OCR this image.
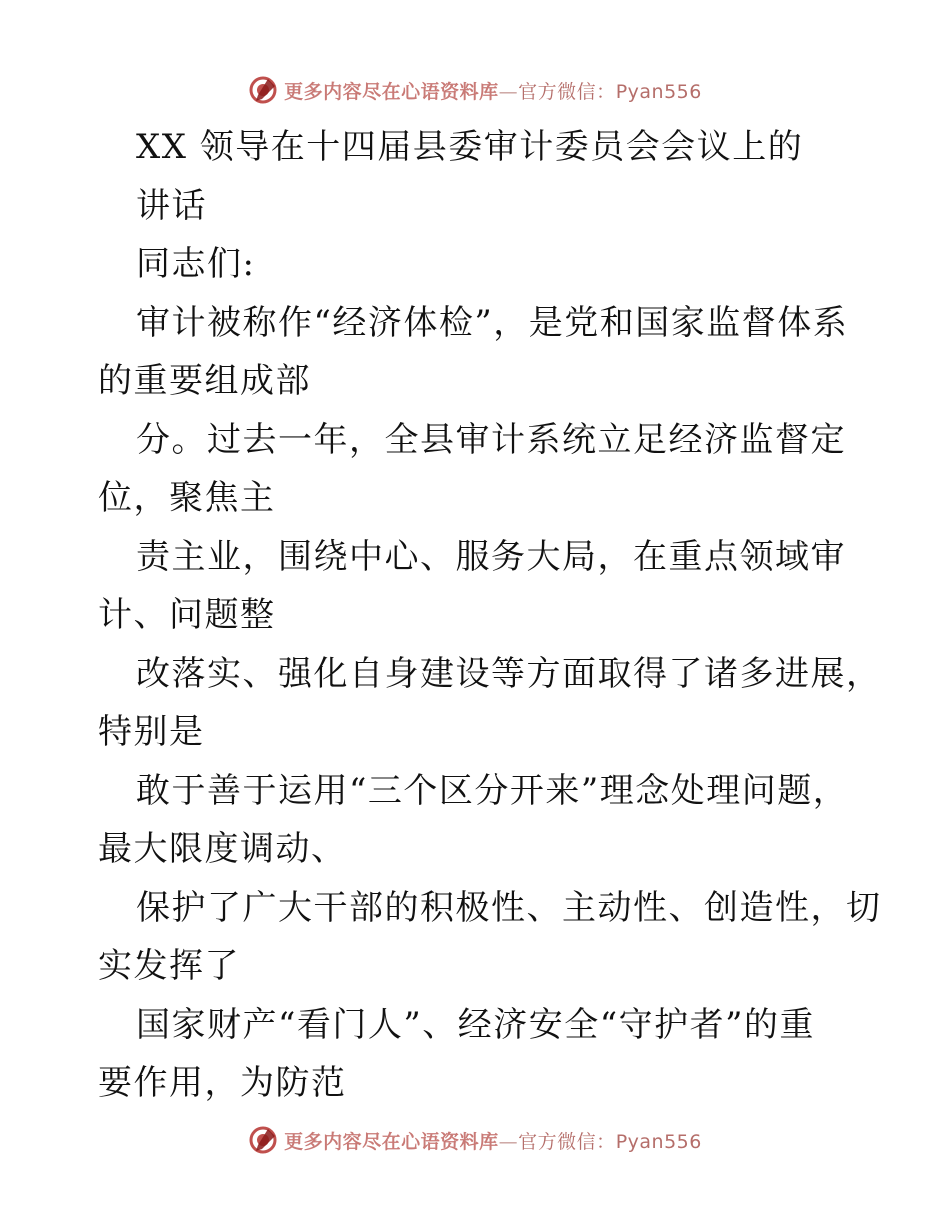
更多内容尽在心语资料库—官方微信：Pyan556
XX 领导在十四届县委审计委员会会议上的
讲话
同志们:
审计被称作“经济体检”，是党和国家监督体系
的重要组成部
分。过去一年，全县审计系统立足经济监督定
位，聚焦主
责主业，围绕中心、服务大局，在重点领域审
计、问题整
改落实、强化自身建设等方面取得了诸多进展，
特别是
敢于善于运用“三个区分开来”理念处理问题，
最大限度调动、
保护了广大干部的积极性、主动性、创造性，切
实发挥了
国家财产“看门人”、经济安全“守护者”的重
要作用，为防范
更多内容尽在心语资料库—官方微信：Pyan556
